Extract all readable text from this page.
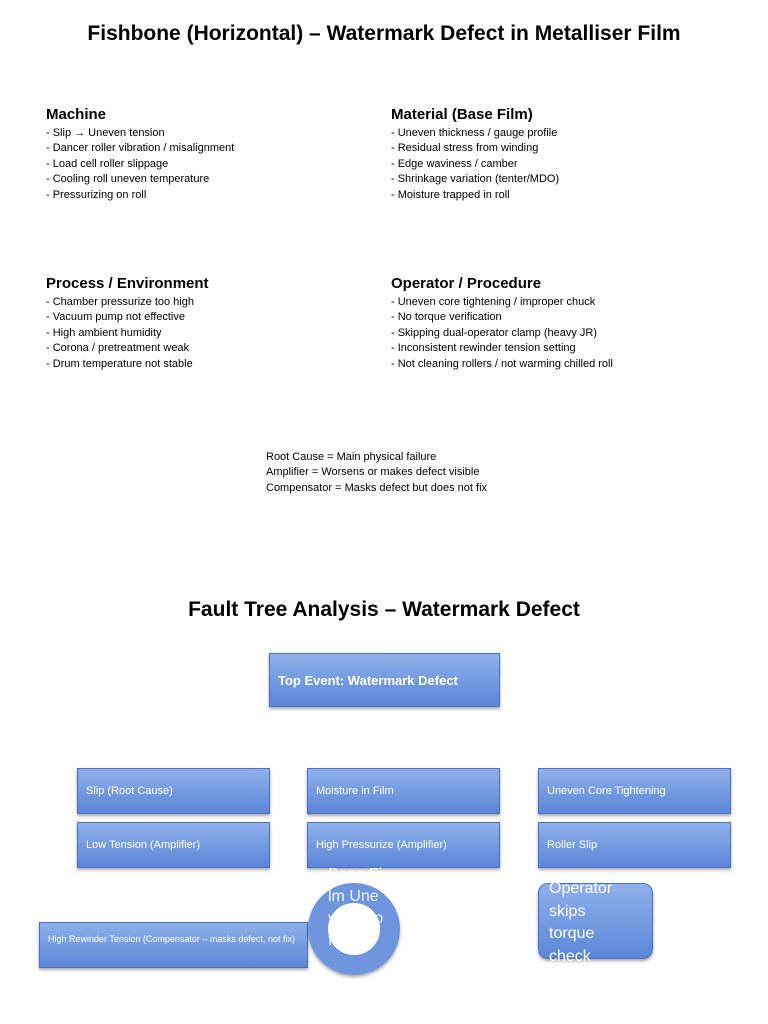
Fishbone (Horizontal) – Watermark Defect in Metalliser Film
Machine
- Slip → Uneven tension
- Dancer roller vibration / misalignment
- Load cell roller slippage
- Cooling roll uneven temperature
- Pressurizing on roll
Material (Base Film)
- Uneven thickness / gauge profile
- Residual stress from winding
- Edge waviness / camber
- Shrinkage variation (tenter/MDO)
- Moisture trapped in roll
Process / Environment
- Chamber pressurize too high
- Vacuum pump not effective
- High ambient humidity
- Corona / pretreatment weak
- Drum temperature not stable
Operator / Procedure
- Uneven core tightening / improper chuck
- No torque verification
- Skipping dual-operator clamp (heavy JR)
- Inconsistent rewinder tension setting
- Not cleaning rollers / not warming chilled roll
Root Cause = Main physical failure
Amplifier = Worsens or makes defect visible
Compensator = Masks defect but does not fix
Fault Tree Analysis – Watermark Defect
Top Event: Watermark Defect
Slip (Root Cause)	Moisture in Film	Uneven Core Tightening
Low Tension (Amplifier)	High Pressurize (Amplifier)	Roller Slip
High Rewinder Tension (Compensator – masks defect, not fix)
Base Film Uneven Profile
Operator skips torque check
